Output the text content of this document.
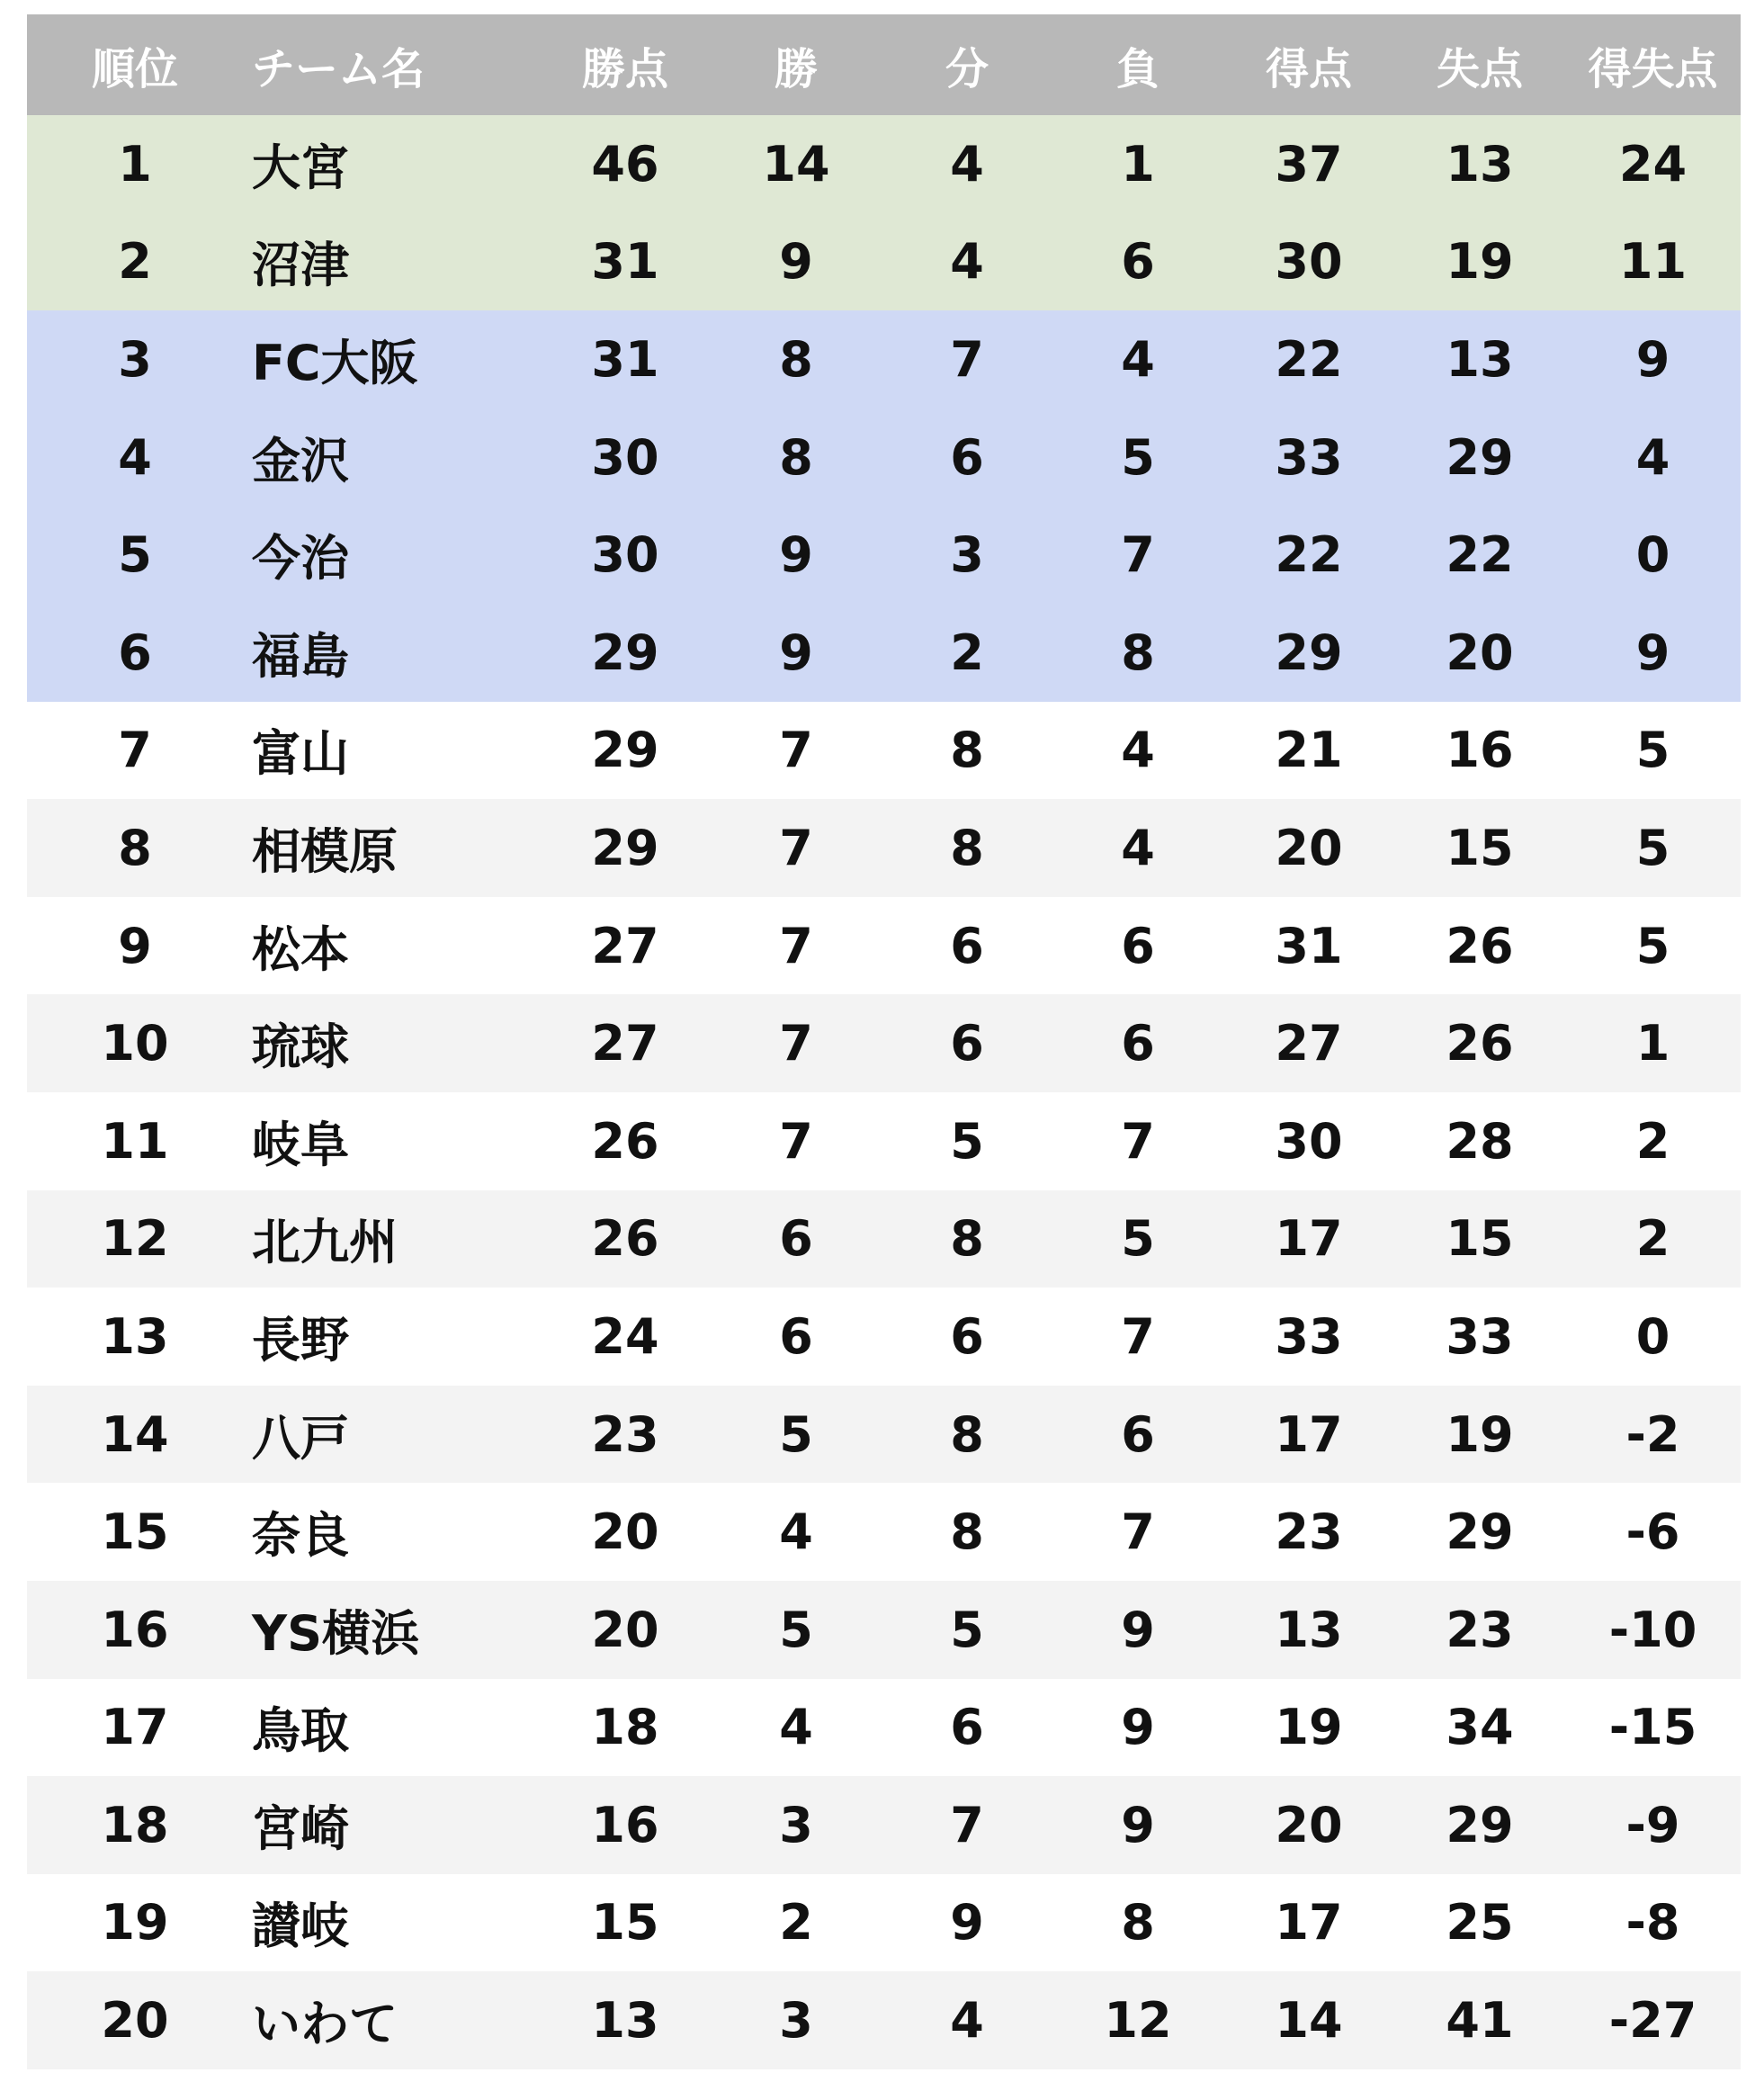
順位	チーム名	勝点	勝	分	負	得点	失点	得失点
1	大宮	46	14	4	1	37	13	24
2	沼津	31	9	4	6	30	19	11
3	FC大阪	31	8	7	4	22	13	9
4	金沢	30	8	6	5	33	29	4
5	今治	30	9	3	7	22	22	0
6	福島	29	9	2	8	29	20	9
7	富山	29	7	8	4	21	16	5
8	相模原	29	7	8	4	20	15	5
9	松本	27	7	6	6	31	26	5
10	琉球	27	7	6	6	27	26	1
11	岐阜	26	7	5	7	30	28	2
12	北九州	26	6	8	5	17	15	2
13	長野	24	6	6	7	33	33	0
14	八戸	23	5	8	6	17	19	-2
15	奈良	20	4	8	7	23	29	-6
16	YS横浜	20	5	5	9	13	23	-10
17	鳥取	18	4	6	9	19	34	-15
18	宮崎	16	3	7	9	20	29	-9
19	讃岐	15	2	9	8	17	25	-8
20	いわて	13	3	4	12	14	41	-27
